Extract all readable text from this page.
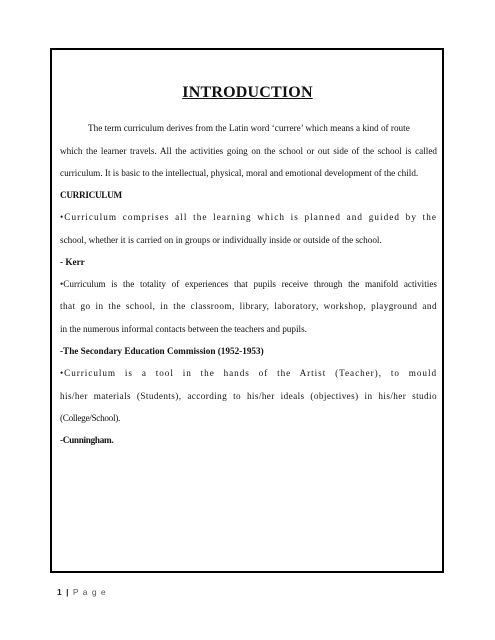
INTRODUCTION
The term curriculum derives from the Latin word ‘currere’ which means a kind of route
which the learner travels. All the activities going on the school or out side of the school is called
curriculum. It is basic to the intellectual, physical, moral and emotional development of the child.
CURRICULUM
•Curriculum comprises all the learning which is planned and guided by the
school, whether it is carried on in groups or individually inside or outside of the school.
- Kerr
•Curriculum is the totality of experiences that pupils receive through the manifold activities
that go in the school, in the classroom, library, laboratory, workshop, playground and
in the numerous informal contacts between the teachers and pupils.
-The Secondary Education Commission (1952-1953)
•Curriculum is a tool in the hands of the Artist (Teacher), to mould
his/her materials (Students), according to his/her ideals (objectives) in his/her studio
(College/School).
-Cunningham.
1 | P a g e
